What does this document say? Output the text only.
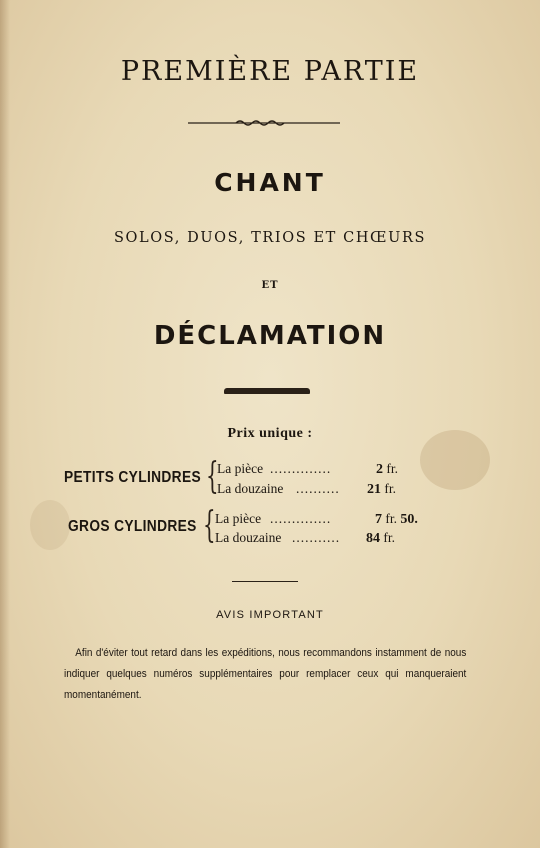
PREMIÈRE PARTIE
CHANT
SOLOS, DUOS, TRIOS ET CHŒURS
ET
DÉCLAMATION
Prix unique :
PETITS CYLINDRES {
La pièce ..............	2 fr.
La douzaine .......... 21 fr.
GROS CYLINDRES { La pièce ..............	7 fr. 50.
La douzaine ........... 84 fr.
AVIS IMPORTANT
Afin d'éviter tout retard dans les expéditions, nous recommandons instamment de nous indiquer quelques numéros supplémentaires pour remplacer ceux qui manqueraient momentanément.
